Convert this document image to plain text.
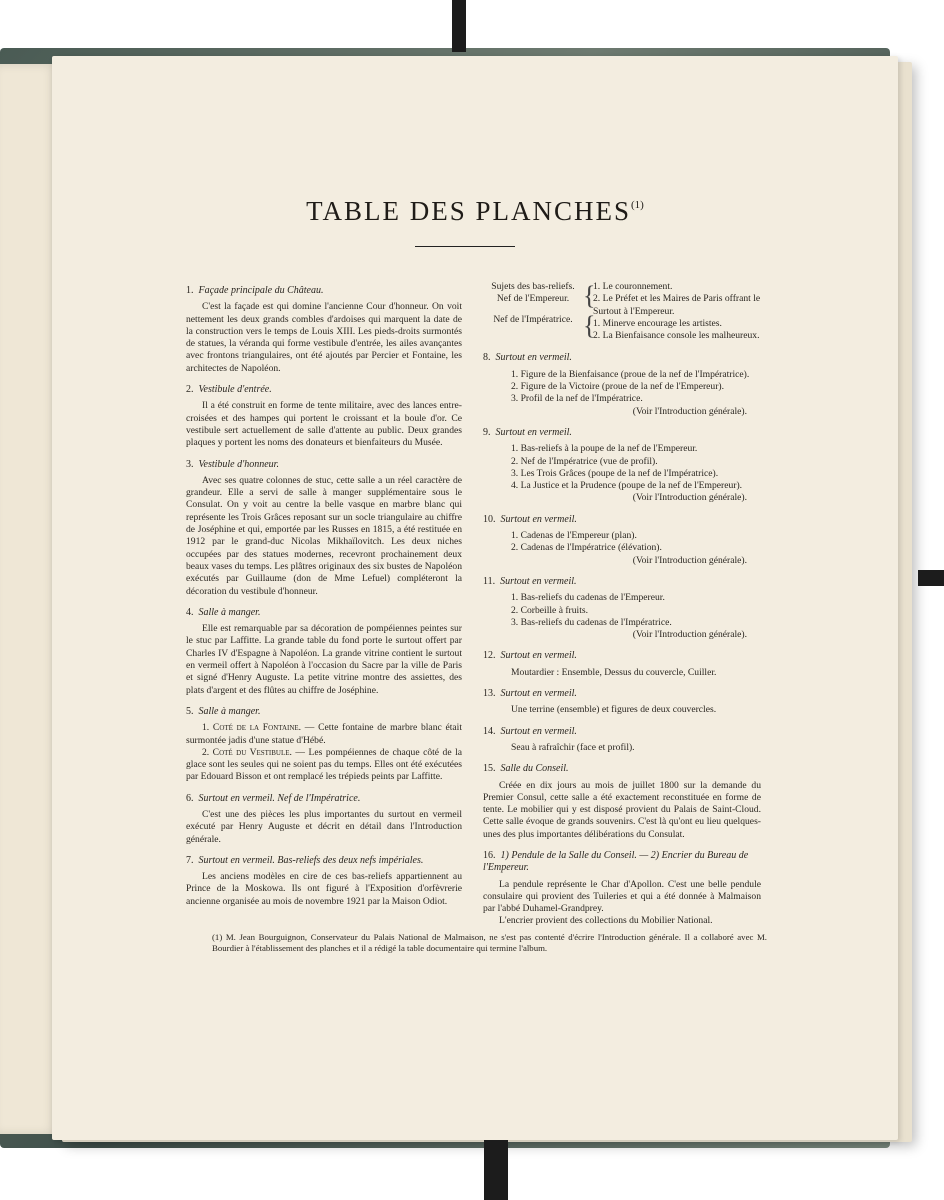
TABLE DES PLANCHES$^{(1)}$
1. Façade principale du Château.
C'est la façade est qui domine l'ancienne Cour d'honneur. On voit nettement les deux grands combles d'ardoises qui marquent la date de la construction vers le temps de Louis XIII. Les pieds-droits surmontés de statues, la véranda qui forme vestibule d'entrée, les ailes avançantes avec frontons triangulaires, ont été ajoutés par Percier et Fontaine, les architectes de Napoléon.
2. Vestibule d'entrée.
Il a été construit en forme de tente militaire, avec des lances entre-croisées et des hampes qui portent le croissant et la boule d'or. Ce vestibule sert actuellement de salle d'attente au public. Deux grandes plaques y portent les noms des donateurs et bienfaiteurs du Musée.
3. Vestibule d'honneur.
Avec ses quatre colonnes de stuc, cette salle a un réel caractère de grandeur. Elle a servi de salle à manger supplémentaire sous le Consulat. On y voit au centre la belle vasque en marbre blanc qui représente les Trois Grâces reposant sur un socle triangulaire au chiffre de Joséphine et qui, emportée par les Russes en 1815, a été restituée en 1912 par le grand-duc Nicolas Mikhaïlovitch. Les deux niches occupées par des statues modernes, recevront prochainement deux beaux vases du temps. Les plâtres originaux des six bustes de Napoléon exécutés par Guillaume (don de Mme Lefuel) compléteront la décoration du vestibule d'honneur.
4. Salle à manger.
Elle est remarquable par sa décoration de pompéiennes peintes sur le stuc par Laffitte. La grande table du fond porte le surtout offert par Charles IV d'Espagne à Napoléon. La grande vitrine contient le surtout en vermeil offert à Napoléon à l'occasion du Sacre par la ville de Paris et signé d'Henry Auguste. La petite vitrine montre des assiettes, des plats d'argent et des flûtes au chiffre de Joséphine.
5. Salle à manger.
1. Coté de la Fontaine. — Cette fontaine de marbre blanc était surmontée jadis d'une statue d'Hébé.
2. Coté du Vestibule. — Les pompéiennes de chaque côté de la glace sont les seules qui ne soient pas du temps. Elles ont été exécutées par Edouard Bisson et ont remplacé les trépieds peints par Laffitte.
6. Surtout en vermeil. Nef de l'Impératrice.
C'est une des pièces les plus importantes du surtout en vermeil exécuté par Henry Auguste et décrit en détail dans l'Introduction générale.
7. Surtout en vermeil. Bas-reliefs des deux nefs impériales.
Les anciens modèles en cire de ces bas-reliefs appartiennent au Prince de la Moskowa. Ils ont figuré à l'Exposition d'orfèvrerie ancienne organisée au mois de novembre 1921 par la Maison Odiot.
Sujets des bas-reliefs. Nef de l'Empereur.
Nef de l'Impératrice.
{
{
1. Le couronnement.
2. Le Préfet et les Maires de Paris offrant le Surtout à l'Empereur.
1. Minerve encourage les artistes.
2. La Bienfaisance console les malheureux.
8. Surtout en vermeil.
1. Figure de la Bienfaisance (proue de la nef de l'Impératrice).
2. Figure de la Victoire (proue de la nef de l'Empereur).
3. Profil de la nef de l'Impératrice.
(Voir l'Introduction générale).
9. Surtout en vermeil.
1. Bas-reliefs à la poupe de la nef de l'Empereur.
2. Nef de l'Impératrice (vue de profil).
3. Les Trois Grâces (poupe de la nef de l'Impératrice).
4. La Justice et la Prudence (poupe de la nef de l'Empereur).
(Voir l'Introduction générale).
10. Surtout en vermeil.
1. Cadenas de l'Empereur (plan).
2. Cadenas de l'Impératrice (élévation).
(Voir l'Introduction générale).
11. Surtout en vermeil.
1. Bas-reliefs du cadenas de l'Empereur.
2. Corbeille à fruits.
3. Bas-reliefs du cadenas de l'Impératrice.
(Voir l'Introduction générale).
12. Surtout en vermeil.
Moutardier : Ensemble, Dessus du couvercle, Cuiller.
13. Surtout en vermeil.
Une terrine (ensemble) et figures de deux couvercles.
14. Surtout en vermeil.
Seau à rafraîchir (face et profil).
15. Salle du Conseil.
Créée en dix jours au mois de juillet 1800 sur la demande du Premier Consul, cette salle a été exactement reconstituée en forme de tente. Le mobilier qui y est disposé provient du Palais de Saint-Cloud. Cette salle évoque de grands souvenirs. C'est là qu'ont eu lieu quelques-unes des plus importantes délibérations du Consulat.
16. 1) Pendule de la Salle du Conseil. — 2) Encrier du Bureau de l'Empereur.
La pendule représente le Char d'Apollon. C'est une belle pendule consulaire qui provient des Tuileries et qui a été donnée à Malmaison par l'abbé Duhamel-Grandprey.
L'encrier provient des collections du Mobilier National.
(1) M. Jean Bourguignon, Conservateur du Palais National de Malmaison, ne s'est pas contenté d'écrire l'Introduction générale. Il a collaboré avec M. Bourdier à l'établissement des planches et il a rédigé la table documentaire qui termine l'album.
